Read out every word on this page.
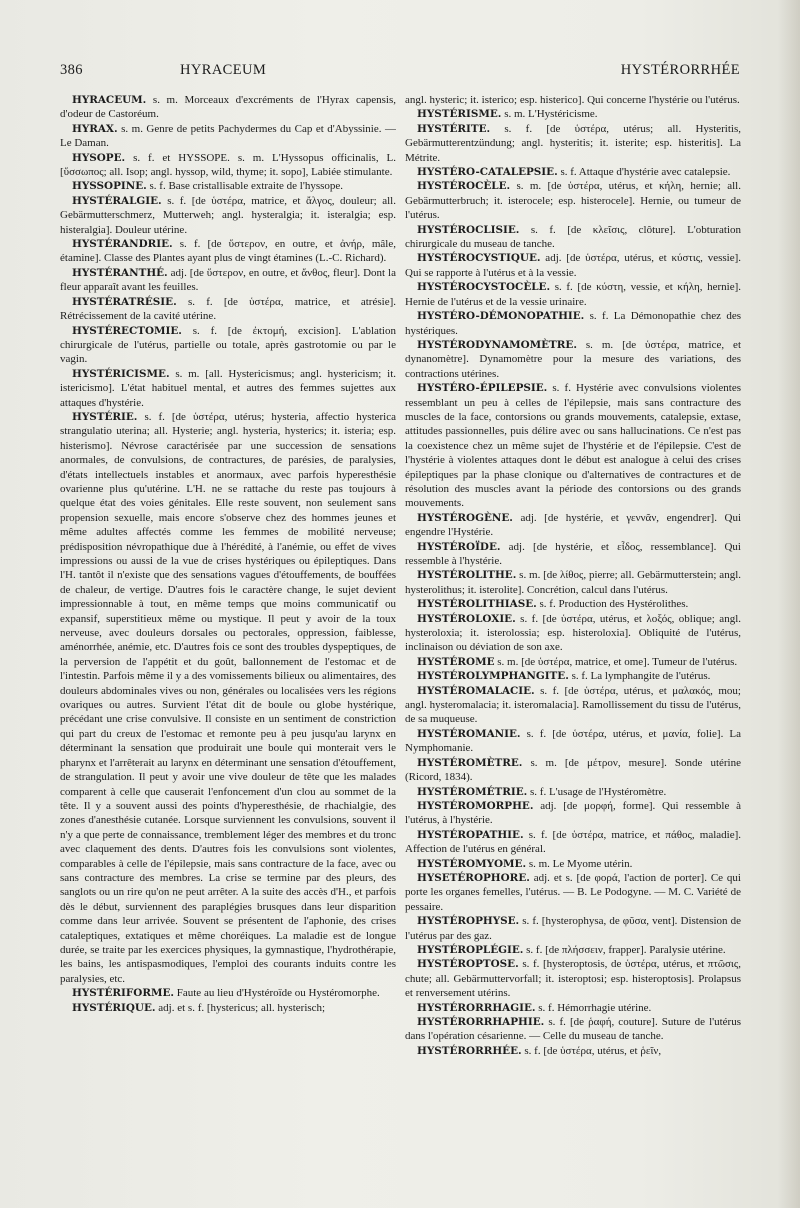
386	HYRACEUM	HYSTÉRORRHÉE

HYRACEUM. s. m. Morceaux d'excréments de l'Hyrax capensis, d'odeur de Castoréum.

HYRAX. s. m. Genre de petits Pachydermes du Cap et d'Abyssinie. — Le Daman.

HYSOPE. s. f. et HYSSOPE. s. m. L'Hyssopus officinalis, L. [ὕσσωπος; all. Isop; angl. hyssop, wild, thyme; it. sopo], Labiée stimulante.

HYSSOPINE. s. f. Base cristallisable extraite de l'hyssope.

HYSTÉRALGIE. s. f. [de ὑστέρα, matrice, et ἄλγος, douleur; all. Gebärmutterschmerz, Mutterweh; angl. hysteralgia; it. isteralgia; esp. histeralgia]. Douleur utérine.

HYSTÉRANDRIE. s. f. [de ὕστερον, en outre, et ἀνήρ, mâle, étamine]. Classe des Plantes ayant plus de vingt étamines (L.-C. Richard).

HYSTÉRANTHÉ. adj. [de ὕστερον, en outre, et ἄνθος, fleur]. Dont la fleur apparaît avant les feuilles.

HYSTÉRATRÉSIE. s. f. [de ὑστέρα, matrice, et atrésie]. Rétrécissement de la cavité utérine.

HYSTÉRECTOMIE. s. f. [de ἐκτομή, excision]. L'ablation chirurgicale de l'utérus, partielle ou totale, après gastrotomie ou par le vagin.

HYSTÉRICISME. s. m. [all. Hystericismus; angl. hystericism; it. istericismo]. L'état habituel mental, et autres des femmes sujettes aux attaques d'hystérie.

HYSTÉRIE. s. f. [de ὑστέρα, utérus; hysteria, affectio hysterica strangulatio uterina; all. Hysterie; angl. hysteria, hysterics; it. isteria; esp. histerismo]. Névrose caractérisée par une succession de sensations anormales, de convulsions, de contractures, de parésies, de paralysies, d'états intellectuels instables et anormaux, avec parfois hyperesthésie ovarienne plus qu'utérine. L'H. ne se rattache du reste pas toujours à quelque état des voies génitales. Elle reste souvent, non seulement sans propension sexuelle, mais encore s'observe chez des hommes jeunes et même adultes affectés comme les femmes de mobilité nerveuse; prédisposition névropathique due à l'hérédité, à l'anémie, ou effet de vives impressions ou aussi de la vue de crises hystériques ou épileptiques. Dans l'H. tantôt il n'existe que des sensations vagues d'étouffements, de bouffées de chaleur, de vertige. D'autres fois le caractère change, le sujet devient impressionnable à tout, en même temps que moins communicatif ou expansif, superstitieux même ou mystique. Il peut y avoir de la toux nerveuse, avec douleurs dorsales ou pectorales, oppression, faiblesse, aménorrhée, anémie, etc. D'autres fois ce sont des troubles dyspeptiques, de la perversion de l'appétit et du goût, ballonnement de l'estomac et de l'intestin. Parfois même il y a des vomissements bilieux ou alimentaires, des douleurs abdominales vives ou non, générales ou localisées vers les régions ovariques ou autres. Survient l'état dit de boule ou globe hystérique, précédant une crise convulsive. Il consiste en un sentiment de constriction qui part du creux de l'estomac et remonte peu à peu jusqu'au larynx en déterminant la sensation que produirait une boule qui monterait vers le pharynx et l'arrêterait au larynx en déterminant une sensation d'étouffement, de strangulation. Il peut y avoir une vive douleur de tête que les malades comparent à celle que causerait l'enfoncement d'un clou au sommet de la tête. Il y a souvent aussi des points d'hyperesthésie, de rhachialgie, des zones d'anesthésie cutanée. Lorsque surviennent les convulsions, souvent il n'y a que perte de connaissance, tremblement léger des membres et du tronc avec claquement des dents. D'autres fois les convulsions sont violentes, comparables à celle de l'épilepsie, mais sans contracture de la face, avec ou sans contracture des membres. La crise se termine par des pleurs, des sanglots ou un rire qu'on ne peut arrêter. A la suite des accès d'H., et parfois dès le début, surviennent des paraplégies brusques dans leur disparition comme dans leur arrivée. Souvent se présentent de l'aphonie, des crises cataleptiques, extatiques et même choréiques. La maladie est de longue durée, se traite par les exercices physiques, la gymnastique, l'hydrothérapie, les bains, les antispasmodiques, l'emploi des courants induits contre les paralysies, etc.

HYSTÉRIFORME. Faute au lieu d'Hystéroïde ou Hystéromorphe.

HYSTÉRIQUE. adj. et s. f. [hystericus; all. hysterisch;

angl. hysteric; it. isterico; esp. histerico]. Qui concerne l'hystérie ou l'utérus.

HYSTÉRISME. s. m. L'Hystéricisme.

HYSTÉRITE. s. f. [de ὑστέρα, utérus; all. Hysteritis, Gebärmutterentzündung; angl. hysteritis; it. isterite; esp. histeritis]. La Métrite.

HYSTÉRO-CATALEPSIE. s. f. Attaque d'hystérie avec catalepsie.

HYSTÉROCÈLE. s. m. [de ὑστέρα, utérus, et κήλη, hernie; all. Gebärmutterbruch; it. isterocele; esp. histerocele]. Hernie, ou tumeur de l'utérus.

HYSTÉROCLISIE. s. f. [de κλεῖσις, clôture]. L'obturation chirurgicale du museau de tanche.

HYSTÉROCYSTIQUE. adj. [de ὑστέρα, utérus, et κύστις, vessie]. Qui se rapporte à l'utérus et à la vessie.

HYSTÉROCYSTOCÈLE. s. f. [de κύστη, vessie, et κήλη, hernie]. Hernie de l'utérus et de la vessie urinaire.

HYSTÉRO-DÉMONOPATHIE. s. f. La Démonopathie chez des hystériques.

HYSTÉRODYNAMOMÈTRE. s. m. [de ὑστέρα, matrice, et dynanomètre]. Dynamomètre pour la mesure des variations, des contractions utérines.

HYSTÉRO-ÉPILEPSIE. s. f. Hystérie avec convulsions violentes ressemblant un peu à celles de l'épilepsie, mais sans contracture des muscles de la face, contorsions ou grands mouvements, catalepsie, extase, attitudes passionnelles, puis délire avec ou sans hallucinations. Ce n'est pas la coexistence chez un même sujet de l'hystérie et de l'épilepsie. C'est de l'hystérie à violentes attaques dont le début est analogue à celui des crises épileptiques par la phase clonique ou d'alternatives de contractures et de résolution des muscles avant la période des contorsions ou des grands mouvements.

HYSTÉROGÈNE. adj. [de hystérie, et γεννᾶν, engendrer]. Qui engendre l'Hystérie.

HYSTÉROÏDE. adj. [de hystérie, et εἶδος, ressemblance]. Qui ressemble à l'hystérie.

HYSTÉROLITHE. s. m. [de λίθος, pierre; all. Gebärmutterstein; angl. hysterolithus; it. isterolite]. Concrétion, calcul dans l'utérus.

HYSTÉROLITHIASE. s. f. Production des Hystérolithes.

HYSTÉROLOXIE. s. f. [de ὑστέρα, utérus, et λοξός, oblique; angl. hysteroloxia; it. isterolossia; esp. histeroloxia]. Obliquité de l'utérus, inclinaison ou déviation de son axe.

HYSTÉROME s. m. [de ὑστέρα, matrice, et ome]. Tumeur de l'utérus.

HYSTÉROLYMPHANGITE. s. f. La lymphangite de l'utérus.

HYSTÉROMALACIE. s. f. [de ὑστέρα, utérus, et μαλακός, mou; angl. hysteromalacia; it. isteromalacia]. Ramollissement du tissu de l'utérus, de sa muqueuse.

HYSTÉROMANIE. s. f. [de ὑστέρα, utérus, et μανία, folie]. La Nymphomanie.

HYSTÉROMÈTRE. s. m. [de μέτρον, mesure]. Sonde utérine (Ricord, 1834).

HYSTÉROMÉTRIE. s. f. L'usage de l'Hystéromètre.

HYSTÉROMORPHE. adj. [de μορφή, forme]. Qui ressemble à l'utérus, à l'hystérie.

HYSTÉROPATHIE. s. f. [de ὑστέρα, matrice, et πάθος, maladie]. Affection de l'utérus en général.

HYSTÉROMYOME. s. m. Le Myome utérin.

HYSETÉROPHORE. adj. et s. [de φορά, l'action de porter]. Ce qui porte les organes femelles, l'utérus. — B. Le Podogyne. — M. C. Variété de pessaire.

HYSTÉROPHYSE. s. f. [hysterophysa, de φῦσα, vent]. Distension de l'utérus par des gaz.

HYSTÉROPLÉGIE. s. f. [de πλήσσειν, frapper]. Paralysie utérine.

HYSTÉROPTOSE. s. f. [hysteroptosis, de ὑστέρα, utérus, et πτῶσις, chute; all. Gebärmuttervorfall; it. isteroptosi; esp. histeroptosis]. Prolapsus et renversement utérins.

HYSTÉRORRHAGIE. s. f. Hémorrhagie utérine.

HYSTÉRORRHAPHIE. s. f. [de ῥαφή, couture]. Suture de l'utérus dans l'opération césarienne. — Celle du museau de tanche.

HYSTÉRORRHÉE. s. f. [de ὑστέρα, utérus, et ῥεῖν,
